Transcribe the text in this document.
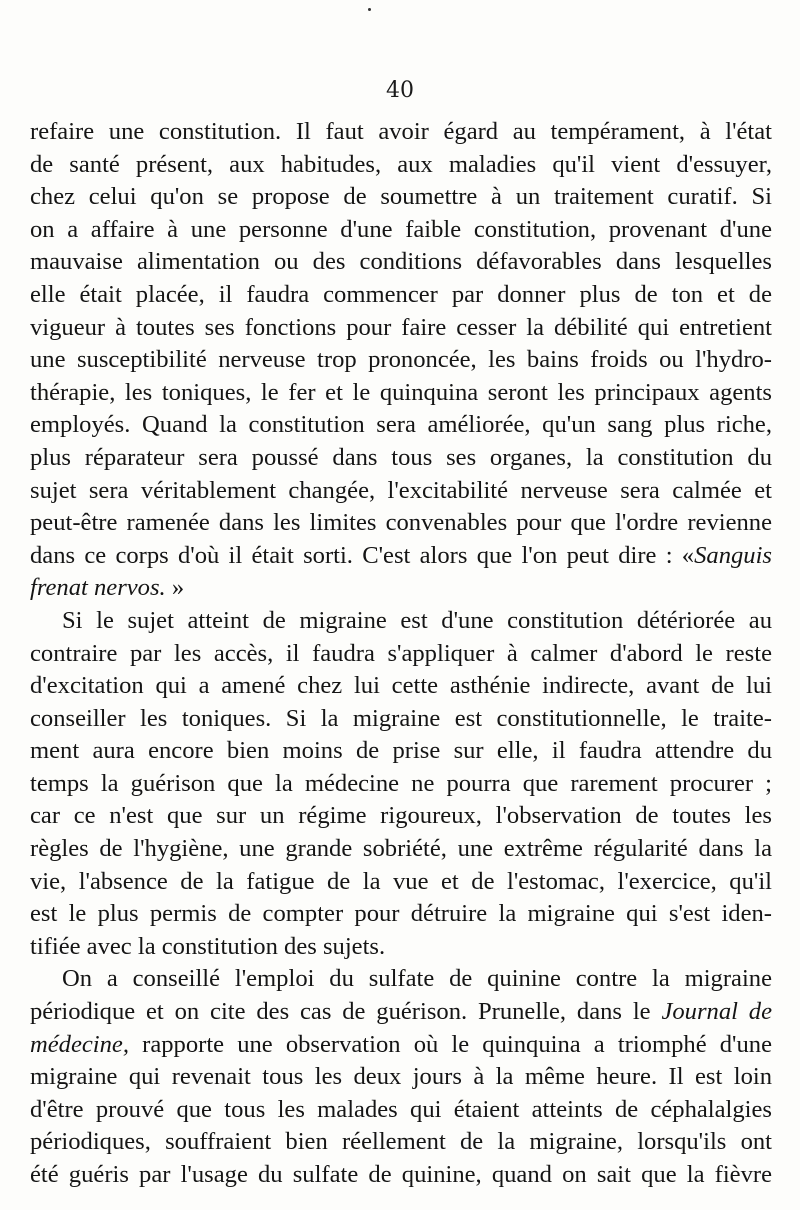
40
refaire une constitution. Il faut avoir égard au tempérament, à l'état
de santé présent, aux habitudes, aux maladies qu'il vient d'essuyer,
chez celui qu'on se propose de soumettre à un traitement curatif. Si
on a affaire à une personne d'une faible constitution, provenant d'une
mauvaise alimentation ou des conditions défavorables dans lesquelles
elle était placée, il faudra commencer par donner plus de ton et de
vigueur à toutes ses fonctions pour faire cesser la débilité qui entretient
une susceptibilité nerveuse trop prononcée, les bains froids ou l'hydro-
thérapie, les toniques, le fer et le quinquina seront les principaux agents
employés. Quand la constitution sera améliorée, qu'un sang plus riche,
plus réparateur sera poussé dans tous ses organes, la constitution du
sujet sera véritablement changée, l'excitabilité nerveuse sera calmée et
peut-être ramenée dans les limites convenables pour que l'ordre revienne
dans ce corps d'où il était sorti. C'est alors que l'on peut dire : «Sanguis
frenat nervos. »
Si le sujet atteint de migraine est d'une constitution détériorée au
contraire par les accès, il faudra s'appliquer à calmer d'abord le reste
d'excitation qui a amené chez lui cette asthénie indirecte, avant de lui
conseiller les toniques. Si la migraine est constitutionnelle, le traite-
ment aura encore bien moins de prise sur elle, il faudra attendre du
temps la guérison que la médecine ne pourra que rarement procurer ;
car ce n'est que sur un régime rigoureux, l'observation de toutes les
règles de l'hygiène, une grande sobriété, une extrême régularité dans la
vie, l'absence de la fatigue de la vue et de l'estomac, l'exercice, qu'il
est le plus permis de compter pour détruire la migraine qui s'est iden-
tifiée avec la constitution des sujets.
On a conseillé l'emploi du sulfate de quinine contre la migraine
périodique et on cite des cas de guérison. Prunelle, dans le Journal de
médecine, rapporte une observation où le quinquina a triomphé d'une
migraine qui revenait tous les deux jours à la même heure. Il est loin
d'être prouvé que tous les malades qui étaient atteints de céphalalgies
périodiques, souffraient bien réellement de la migraine, lorsqu'ils ont
été guéris par l'usage du sulfate de quinine, quand on sait que la fièvre
